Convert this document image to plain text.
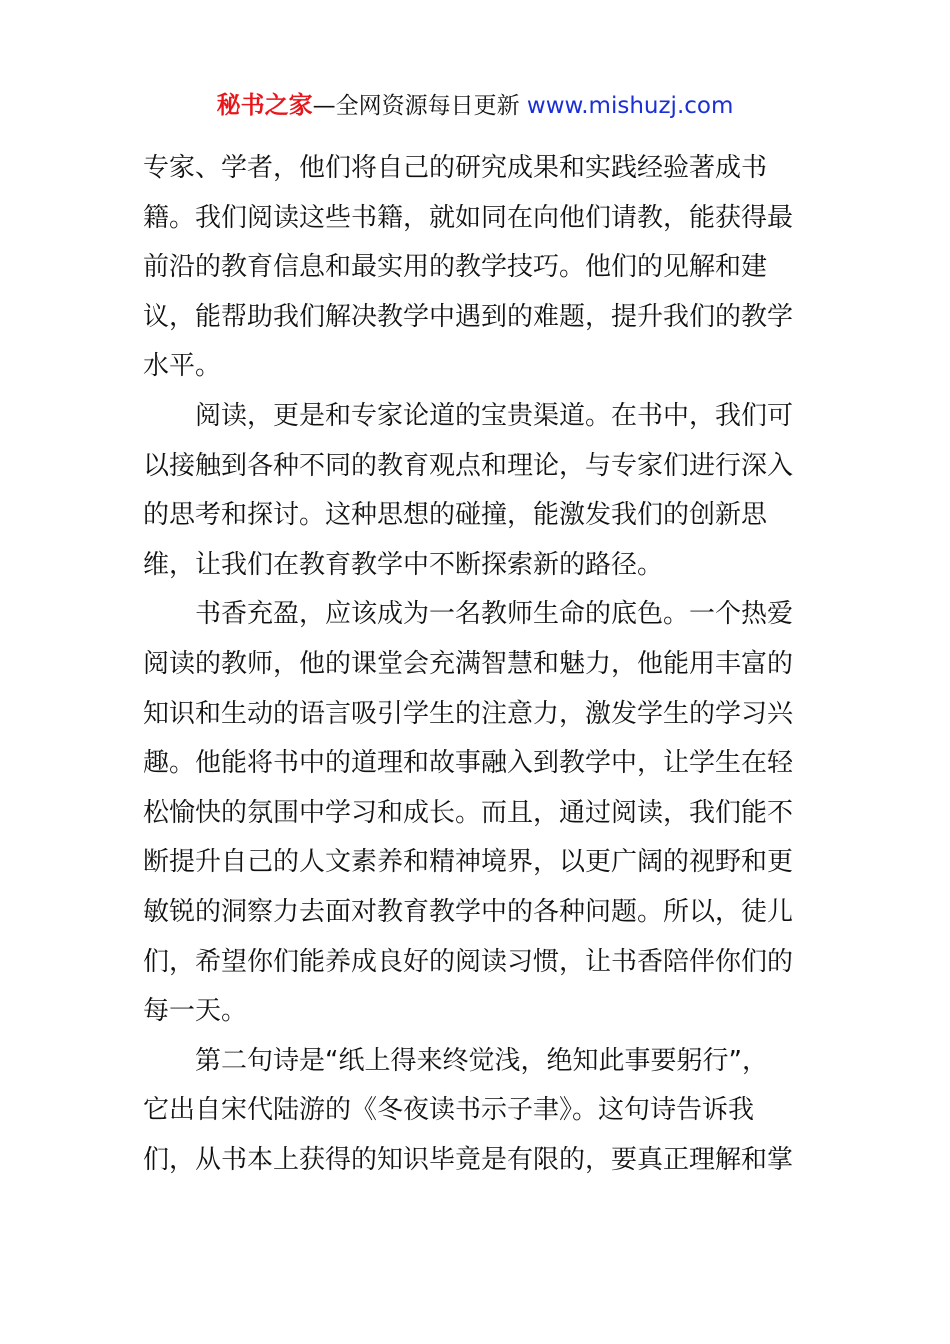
秘书之家—全网资源每日更新 www.mishuzj.com
专家、学者，他们将自己的研究成果和实践经验著成书
籍。我们阅读这些书籍，就如同在向他们请教，能获得最
前沿的教育信息和最实用的教学技巧。他们的见解和建
议，能帮助我们解决教学中遇到的难题，提升我们的教学
水平。
阅读，更是和专家论道的宝贵渠道。在书中，我们可
以接触到各种不同的教育观点和理论，与专家们进行深入
的思考和探讨。这种思想的碰撞，能激发我们的创新思
维，让我们在教育教学中不断探索新的路径。
书香充盈，应该成为一名教师生命的底色。一个热爱
阅读的教师，他的课堂会充满智慧和魅力，他能用丰富的
知识和生动的语言吸引学生的注意力，激发学生的学习兴
趣。他能将书中的道理和故事融入到教学中，让学生在轻
松愉快的氛围中学习和成长。而且，通过阅读，我们能不
断提升自己的人文素养和精神境界，以更广阔的视野和更
敏锐的洞察力去面对教育教学中的各种问题。所以，徒儿
们，希望你们能养成良好的阅读习惯，让书香陪伴你们的
每一天。
第二句诗是“纸上得来终觉浅，绝知此事要躬行”，
它出自宋代陆游的《冬夜读书示子聿》。这句诗告诉我
们，从书本上获得的知识毕竟是有限的，要真正理解和掌
